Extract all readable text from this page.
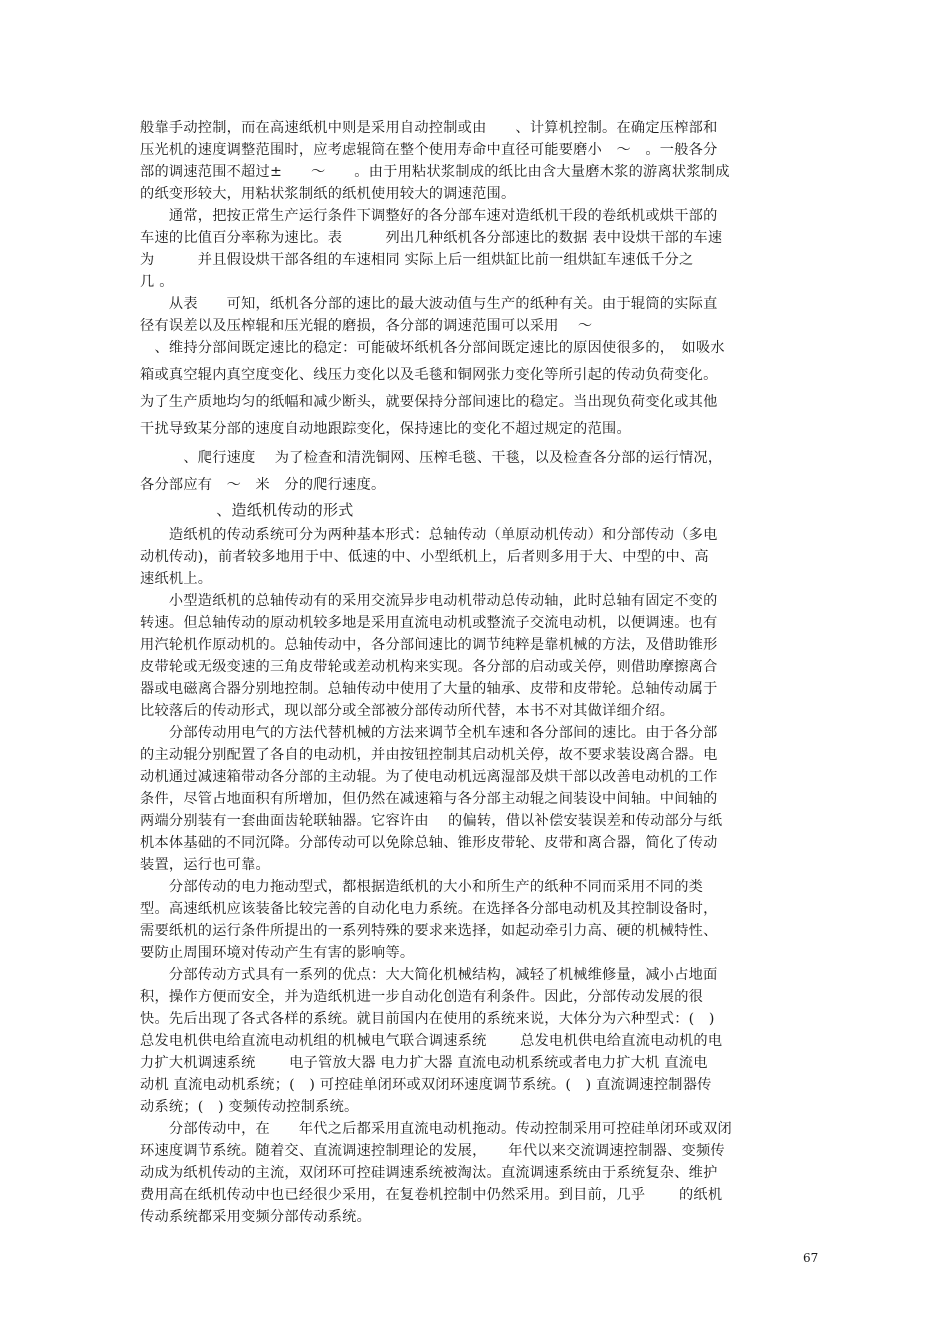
般靠手动控制，而在高速纸机中则是采用自动控制或由　　、计算机控制。在确定压榨部和
压光机的速度调整范围时，应考虑辊筒在整个使用寿命中直径可能要磨小　～　。一般各分
部的调速范围不超过±　　～　　。由于用粘状浆制成的纸比由含大量磨木浆的游离状浆制成
的纸变形较大，用粘状浆制纸的纸机使用较大的调速范围。
　　通常，把按正常生产运行条件下调整好的各分部车速对造纸机干段的卷纸机或烘干部的
车速的比值百分率称为速比。表　　　列出几种纸机各分部速比的数据 表中设烘干部的车速
为　　　并且假设烘干部各组的车速相同 实际上后一组烘缸比前一组烘缸车速低千分之
几 。
　　从表　　可知，纸机各分部的速比的最大波动值与生产的纸种有关。由于辊筒的实际直
径有误差以及压榨辊和压光辊的磨损，各分部的调速范围可以采用　 ～
　、维持分部间既定速比的稳定：可能破坏纸机各分部间既定速比的原因使很多的，　如吸水
箱或真空辊内真空度变化、线压力变化以及毛毯和铜网张力变化等所引起的传动负荷变化。
为了生产质地均匀的纸幅和减少断头，就要保持分部间速比的稳定。当出现负荷变化或其他
干扰导致某分部的速度自动地跟踪变化，保持速比的变化不超过规定的范围。
　　　、爬行速度　 为了检查和清洗铜网、压榨毛毯、干毯，以及检查各分部的运行情况，
各分部应有　～　米　分的爬行速度。
　　　　　、造纸机传动的形式
　　造纸机的传动系统可分为两种基本形式：总轴传动（单原动机传动）和分部传动（多电
动机传动)，前者较多地用于中、低速的中、小型纸机上，后者则多用于大、中型的中、高
速纸机上。
　　小型造纸机的总轴传动有的采用交流异步电动机带动总传动轴，此时总轴有固定不变的
转速。但总轴传动的原动机较多地是采用直流电动机或整流子交流电动机，以便调速。也有
用汽轮机作原动机的。总轴传动中，各分部间速比的调节纯粹是靠机械的方法，及借助锥形
皮带轮或无级变速的三角皮带轮或差动机构来实现。各分部的启动或关停，则借助摩擦离合
器或电磁离合器分别地控制。总轴传动中使用了大量的轴承、皮带和皮带轮。总轴传动属于
比较落后的传动形式，现以部分或全部被分部传动所代替，本书不对其做详细介绍。
　　分部传动用电气的方法代替机械的方法来调节全机车速和各分部间的速比。由于各分部
的主动辊分别配置了各自的电动机，并由按钮控制其启动机关停，故不要求装设离合器。电
动机通过减速箱带动各分部的主动辊。为了使电动机远离湿部及烘干部以改善电动机的工作
条件，尽管占地面积有所增加，但仍然在减速箱与各分部主动辊之间装设中间轴。中间轴的
两端分别装有一套曲面齿轮联轴器。它容许由　 的偏转，借以补偿安装误差和传动部分与纸
机本体基础的不同沉降。分部传动可以免除总轴、锥形皮带轮、皮带和离合器，简化了传动
装置，运行也可靠。
　　分部传动的电力拖动型式，都根据造纸机的大小和所生产的纸种不同而采用不同的类
型。高速纸机应该装备比较完善的自动化电力系统。在选择各分部电动机及其控制设备时，
需要纸机的运行条件所提出的一系列特殊的要求来选择，如起动牵引力高、硬的机械特性、
要防止周围环境对传动产生有害的影响等。
　　分部传动方式具有一系列的优点：大大简化机械结构，减轻了机械维修量，减小占地面
积，操作方便而安全，并为造纸机进一步自动化创造有利条件。因此，分部传动发展的很
快。先后出现了各式各样的系统。就目前国内在使用的系统来说，大体分为六种型式：(　)
总发电机供电给直流电动机组的机械电气联合调速系统　　 总发电机供电给直流电动机的电
力扩大机调速系统　　 电子管放大器 电力扩大器 直流电动机系统或者电力扩大机 直流电
动机 直流电动机系统；(　) 可控硅单闭环或双闭环速度调节系统。(　) 直流调速控制器传
动系统；(　) 变频传动控制系统。
　　分部传动中，在　　年代之后都采用直流电动机拖动。传动控制采用可控硅单闭环或双闭
环速度调节系统。随着交、直流调速控制理论的发展，　　年代以来交流调速控制器、变频传
动成为纸机传动的主流，双闭环可控硅调速系统被淘汰。直流调速系统由于系统复杂、维护
费用高在纸机传动中也已经很少采用，在复卷机控制中仍然采用。到目前，几乎　　 的纸机
传动系统都采用变频分部传动系统。
67
